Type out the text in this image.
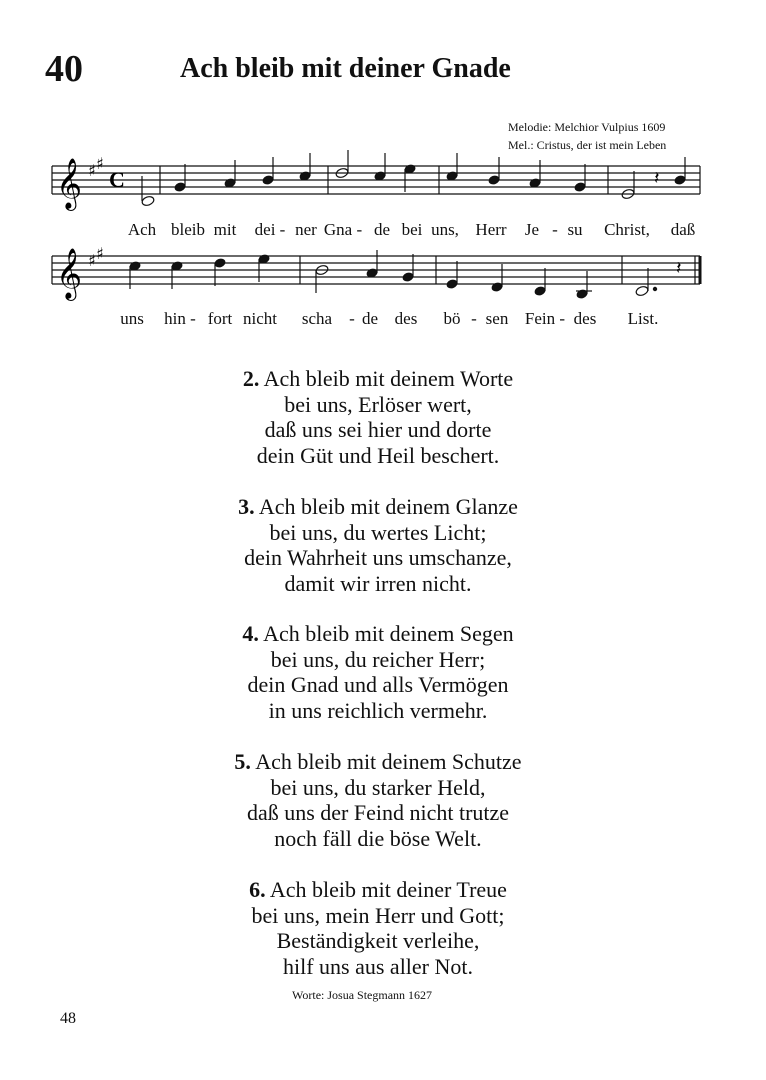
40	Ach bleib mit deiner Gnade
Melodie: Melchior Vulpius 1609
Mel.: Cristus, der ist mein Leben
𝄞 ♯ ♯
C	𝄽
Ach bleib mit dei - ner Gna - de bei uns, Herr Je - su Christ, daß
𝄞 ♯ ♯
𝄽
uns hin - fort nicht scha - de des bö - sen Fein - des List.
2. Ach bleib mit deinem Worte
bei uns, Erlöser wert,
daß uns sei hier und dorte
dein Güt und Heil beschert.
3. Ach bleib mit deinem Glanze
bei uns, du wertes Licht;
dein Wahrheit uns umschanze,
damit wir irren nicht.
4. Ach bleib mit deinem Segen
bei uns, du reicher Herr;
dein Gnad und alls Vermögen
in uns reichlich vermehr.
5. Ach bleib mit deinem Schutze
bei uns, du starker Held,
daß uns der Feind nicht trutze
noch fäll die böse Welt.
6. Ach bleib mit deiner Treue
bei uns, mein Herr und Gott;
Beständigkeit verleihe,
hilf uns aus aller Not.
Worte: Josua Stegmann 1627
48
